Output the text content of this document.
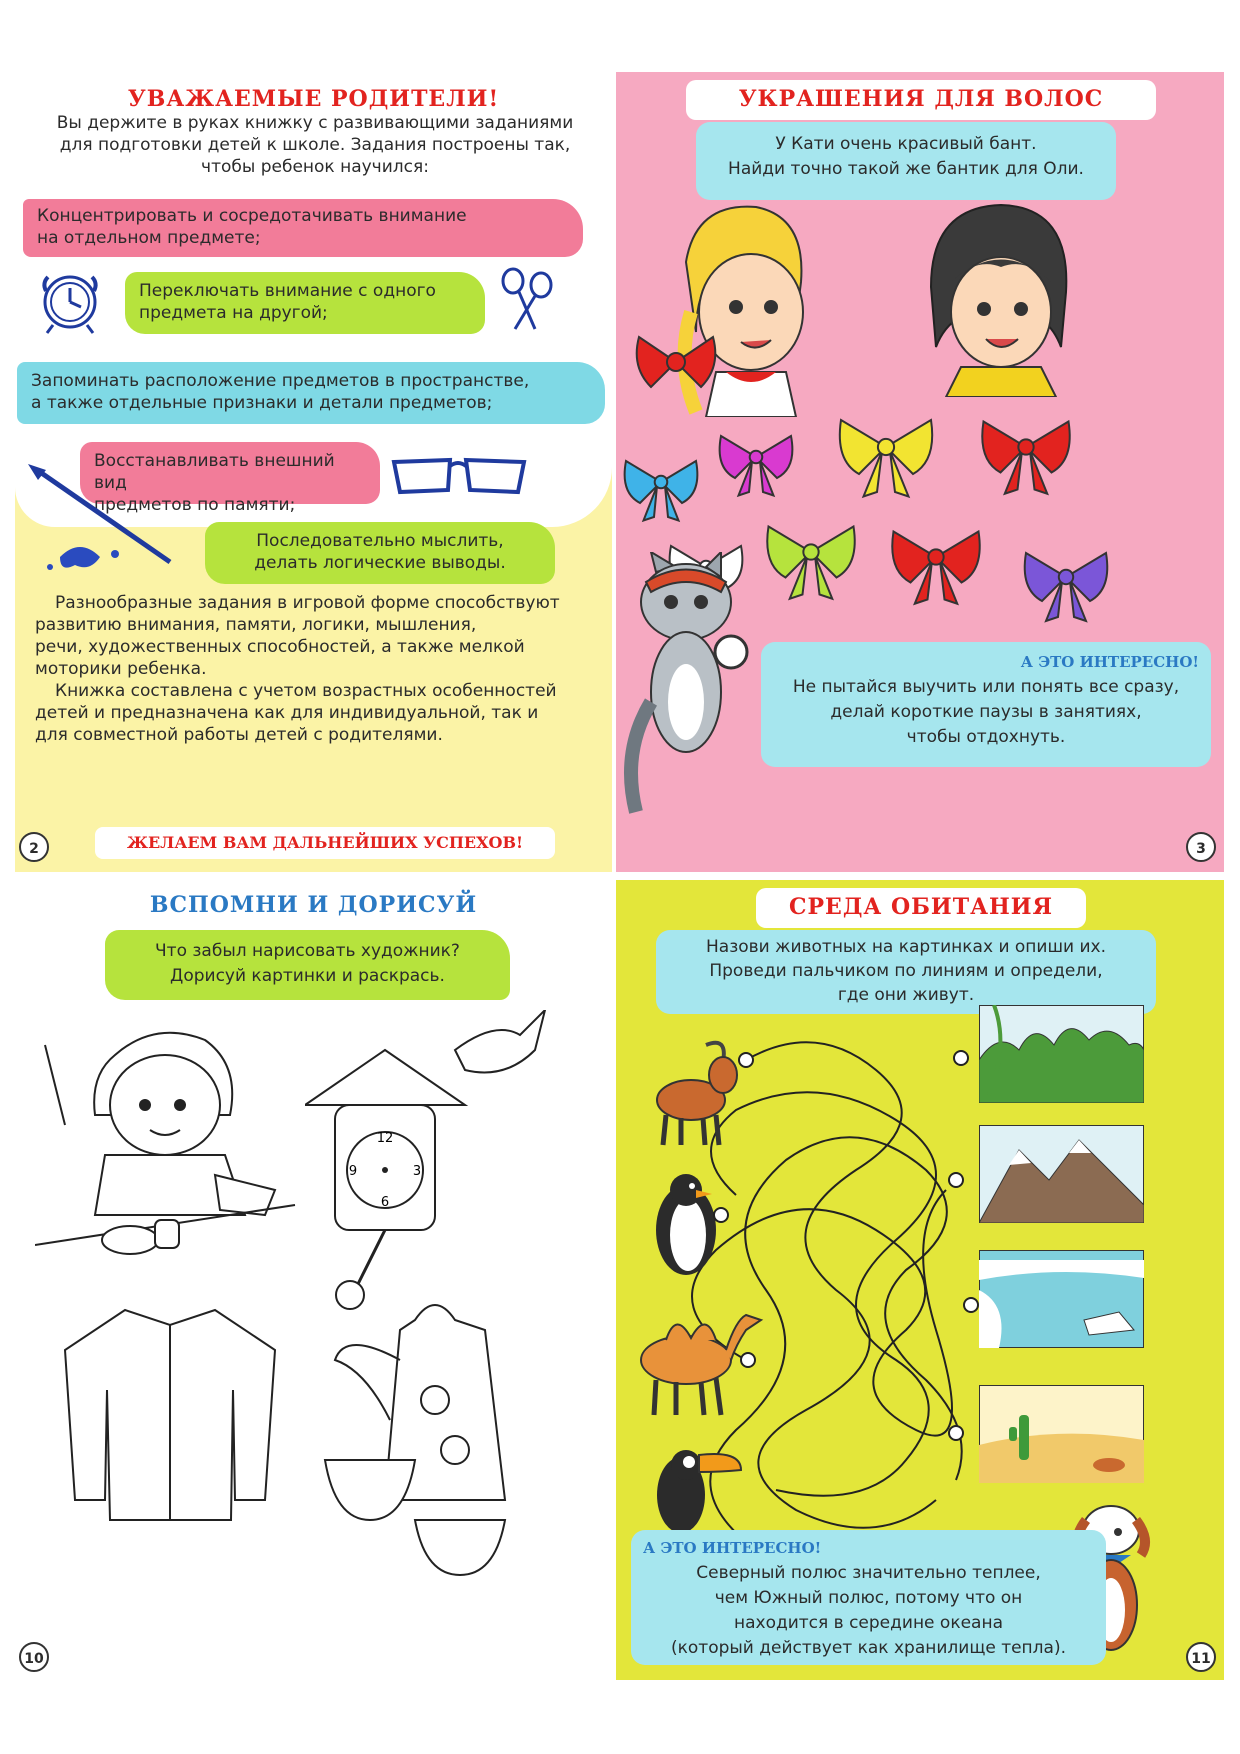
УВАЖАЕМЫЕ РОДИТЕЛИ!
Вы держите в руках книжку с развивающими заданиями
для подготовки детей к школе. Задания построены так,
чтобы ребенок научился:
Концентрировать и сосредотачивать внимание
на отдельном предмете;
Переключать внимание с одного
предмета на другой;
Запоминать расположение предметов в пространстве,
а также отдельные признаки и детали предметов;
Восстанавливать внешний вид
предметов по памяти;
Последовательно мыслить,
делать логические выводы.
Разнообразные задания в игровой форме способствуют
развитию внимания, памяти, логики, мышления,
речи, художественных способностей, а также мелкой
моторики ребенка.
Книжка составлена с учетом возрастных особенностей
детей и предназначена как для индивидуальной, так и
для совместной работы детей с родителями.
ЖЕЛАЕМ ВАМ ДАЛЬНЕЙШИХ УСПЕХОВ!
2
УКРАШЕНИЯ ДЛЯ ВОЛОС
У Кати очень красивый бант.
Найди точно такой же бантик для Оли.
А ЭТО ИНТЕРЕСНО!
Не пытайся выучить или понять все сразу,
делай короткие паузы в занятиях,
чтобы отдохнуть.
3
ВСПОМНИ И ДОРИСУЙ
Что забыл нарисовать художник?
Дорисуй картинки и раскрась.
12
3
6
9
10
СРЕДА ОБИТАНИЯ
Назови животных на картинках и опиши их.
Проведи пальчиком по линиям и определи,
где они живут.
А ЭТО ИНТЕРЕСНО!
Северный полюс значительно теплее,
чем Южный полюс, потому что он
находится в середине океана
(который действует как хранилище тепла).
11
